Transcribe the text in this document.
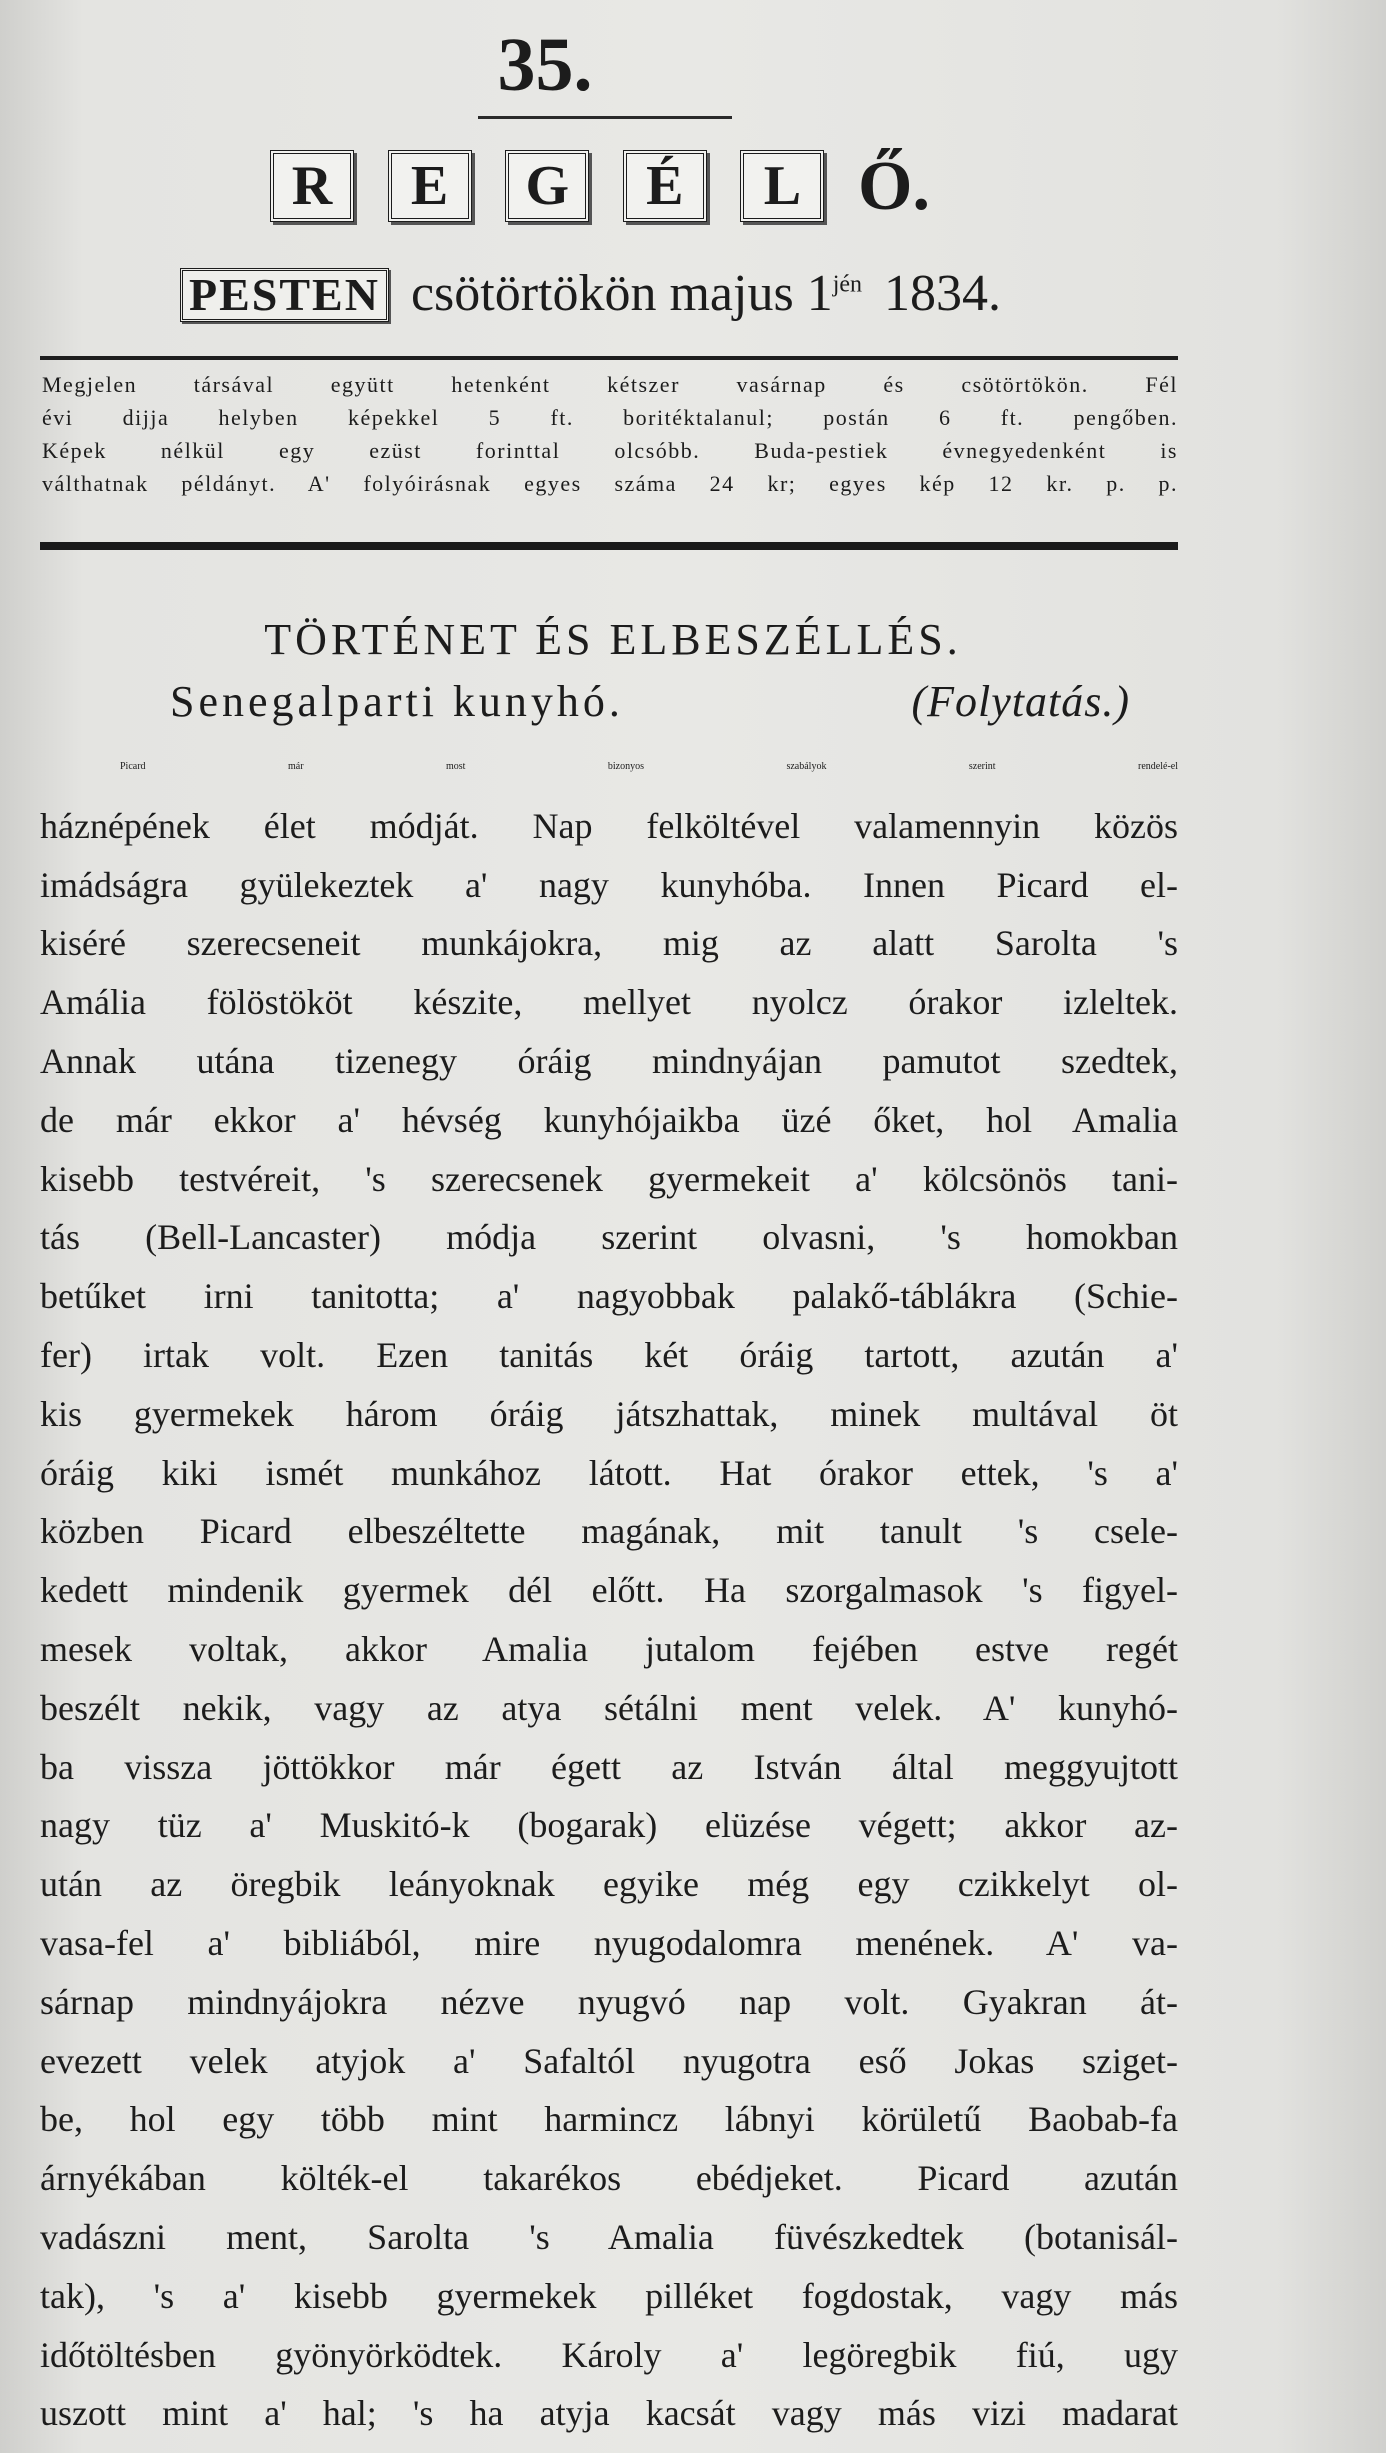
35.
R	E	G	É	L Ő.
PESTEN csötörtökön majus $1^{jén}$ 1834.
Megjelen társával együtt hetenként kétszer vasárnap és csötörtökön. Fél
évi dijja helyben képekkel 5 ft. boritéktalanul; postán 6 ft. pengőben.
Képek nélkül egy ezüst forinttal olcsóbb. Buda-pestiek évnegyedenként is
válthatnak példányt. A' folyóirásnak egyes száma 24 kr; egyes kép 12 kr. p. p.
TÖRTÉNET ÉS ELBESZÉLLÉS.
Senegalparti kunyhó.	(Folytatás.)
Picard már most bizonyos szabályok szerint rendelé-el
háznépének élet módját. Nap felköltével valamennyin közös
imádságra gyülekeztek a' nagy kunyhóba. Innen Picard el-
kiséré szerecseneit munkájokra, mig az alatt Sarolta 's
Amália fölöstököt készite, mellyet nyolcz órakor izleltek.
Annak utána tizenegy óráig mindnyájan pamutot szedtek,
de már ekkor a' hévség kunyhójaikba üzé őket, hol Amalia
kisebb testvéreit, 's szerecsenek gyermekeit a' kölcsönös tani-
tás (Bell-Lancaster) módja szerint olvasni, 's homokban
betűket irni tanitotta; a' nagyobbak palakő-táblákra (Schie-
fer) irtak volt. Ezen tanitás két óráig tartott, azután a'
kis gyermekek három óráig játszhattak, minek multával öt
óráig kiki ismét munkához látott. Hat órakor ettek, 's a'
közben Picard elbeszéltette magának, mit tanult 's csele-
kedett mindenik gyermek dél előtt. Ha szorgalmasok 's figyel-
mesek voltak, akkor Amalia jutalom fejében estve regét
beszélt nekik, vagy az atya sétálni ment velek. A' kunyhó-
ba vissza jöttökkor már égett az István által meggyujtott
nagy tüz a' Muskitó-k (bogarak) elüzése végett; akkor az-
után az öregbik leányoknak egyike még egy czikkelyt ol-
vasa-fel a' bibliából, mire nyugodalomra menének. A' va-
sárnap mindnyájokra nézve nyugvó nap volt. Gyakran át-
evezett velek atyjok a' Safaltól nyugotra eső Jokas sziget-
be, hol egy több mint harmincz lábnyi körületű Baobab-fa
árnyékában költék-el takarékos ebédjeket. Picard azután
vadászni ment, Sarolta 's Amalia füvészkedtek (botanisál-
tak), 's a' kisebb gyermekek pilléket fogdostak, vagy más
időtöltésben gyönyörködtek. Károly a' legöregbik fiú, ugy
uszott mint a' hal; 's ha atyja kacsát vagy más vizi madarat
